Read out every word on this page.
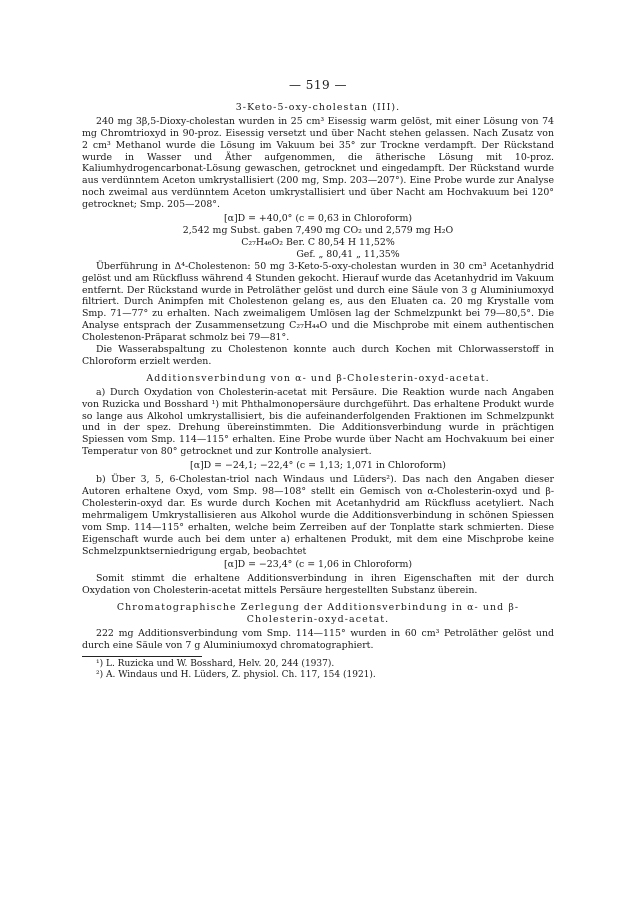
— 519 —

3-Keto-5-oxy-cholestan (III).

240 mg 3β,5-Dioxy-cholestan wurden in 25 cm³ Eisessig warm gelöst, mit einer Lösung von 74 mg Chromtrioxyd in 90-proz. Eisessig versetzt und über Nacht stehen gelassen. Nach Zusatz von 2 cm³ Methanol wurde die Lösung im Vakuum bei 35° zur Trockne verdampft. Der Rückstand wurde in Wasser und Äther aufgenommen, die ätherische Lösung mit 10-proz. Kaliumhydrogencarbonat-Lösung gewaschen, getrocknet und eingedampft. Der Rückstand wurde aus verdünntem Aceton umkrystallisiert (200 mg, Smp. 203—207°). Eine Probe wurde zur Analyse noch zweimal aus verdünntem Aceton umkrystallisiert und über Nacht am Hochvakuum bei 120° getrocknet; Smp. 205—208°.

[α]D = +40,0° (c = 0,63 in Chloroform)

2,542 mg Subst. gaben 7,490 mg CO₂ und 2,579 mg H₂O

C₂₇H₄₆O₂ Ber. C 80,54 H 11,52%

Gef. „ 80,41 „ 11,35%

Überführung in Δ⁴-Cholestenon: 50 mg 3-Keto-5-oxy-cholestan wurden in 30 cm³ Acetanhydrid gelöst und am Rückfluss während 4 Stunden gekocht. Hierauf wurde das Acetanhydrid im Vakuum entfernt. Der Rückstand wurde in Petroläther gelöst und durch eine Säule von 3 g Aluminiumoxyd filtriert. Durch Animpfen mit Cholestenon gelang es, aus den Eluaten ca. 20 mg Krystalle vom Smp. 71—77° zu erhalten. Nach zweimaligem Umlösen lag der Schmelzpunkt bei 79—80,5°. Die Analyse entsprach der Zusammensetzung C₂₇H₄₄O und die Mischprobe mit einem authentischen Cholestenon-Präparat schmolz bei 79—81°.

Die Wasserabspaltung zu Cholestenon konnte auch durch Kochen mit Chlorwasserstoff in Chloroform erzielt werden.

Additionsverbindung von α- und β-Cholesterin-oxyd-acetat.

a) Durch Oxydation von Cholesterin-acetat mit Persäure. Die Reaktion wurde nach Angaben von Ruzicka und Bosshard ¹) mit Phthalmonopersäure durchgeführt. Das erhaltene Produkt wurde so lange aus Alkohol umkrystallisiert, bis die aufeinanderfolgenden Fraktionen im Schmelzpunkt und in der spez. Drehung übereinstimmten. Die Additionsverbindung wurde in prächtigen Spiessen vom Smp. 114—115° erhalten. Eine Probe wurde über Nacht am Hochvakuum bei einer Temperatur von 80° getrocknet und zur Kontrolle analysiert.

[α]D = −24,1; −22,4° (c = 1,13; 1,071 in Chloroform)

b) Über 3, 5, 6-Cholestan-triol nach Windaus und Lüders²). Das nach den Angaben dieser Autoren erhaltene Oxyd, vom Smp. 98—108° stellt ein Gemisch von α-Cholesterin-oxyd und β-Cholesterin-oxyd dar. Es wurde durch Kochen mit Acetanhydrid am Rückfluss acetyliert. Nach mehrmaligem Umkrystallisieren aus Alkohol wurde die Additionsverbindung in schönen Spiessen vom Smp. 114—115° erhalten, welche beim Zerreiben auf der Tonplatte stark schmierten. Diese Eigenschaft wurde auch bei dem unter a) erhaltenen Produkt, mit dem eine Mischprobe keine Schmelzpunktserniedrigung ergab, beobachtet

[α]D = −23,4° (c = 1,06 in Chloroform)

Somit stimmt die erhaltene Additionsverbindung in ihren Eigenschaften mit der durch Oxydation von Cholesterin-acetat mittels Persäure hergestellten Substanz überein.

Chromatographische Zerlegung der Additionsverbindung in α- und β-Cholesterin-oxyd-acetat.

222 mg Additionsverbindung vom Smp. 114—115° wurden in 60 cm³ Petroläther gelöst und durch eine Säule von 7 g Aluminiumoxyd chromatographiert.

¹) L. Ruzicka und W. Bosshard, Helv. 20, 244 (1937).

²) A. Windaus und H. Lüders, Z. physiol. Ch. 117, 154 (1921).
